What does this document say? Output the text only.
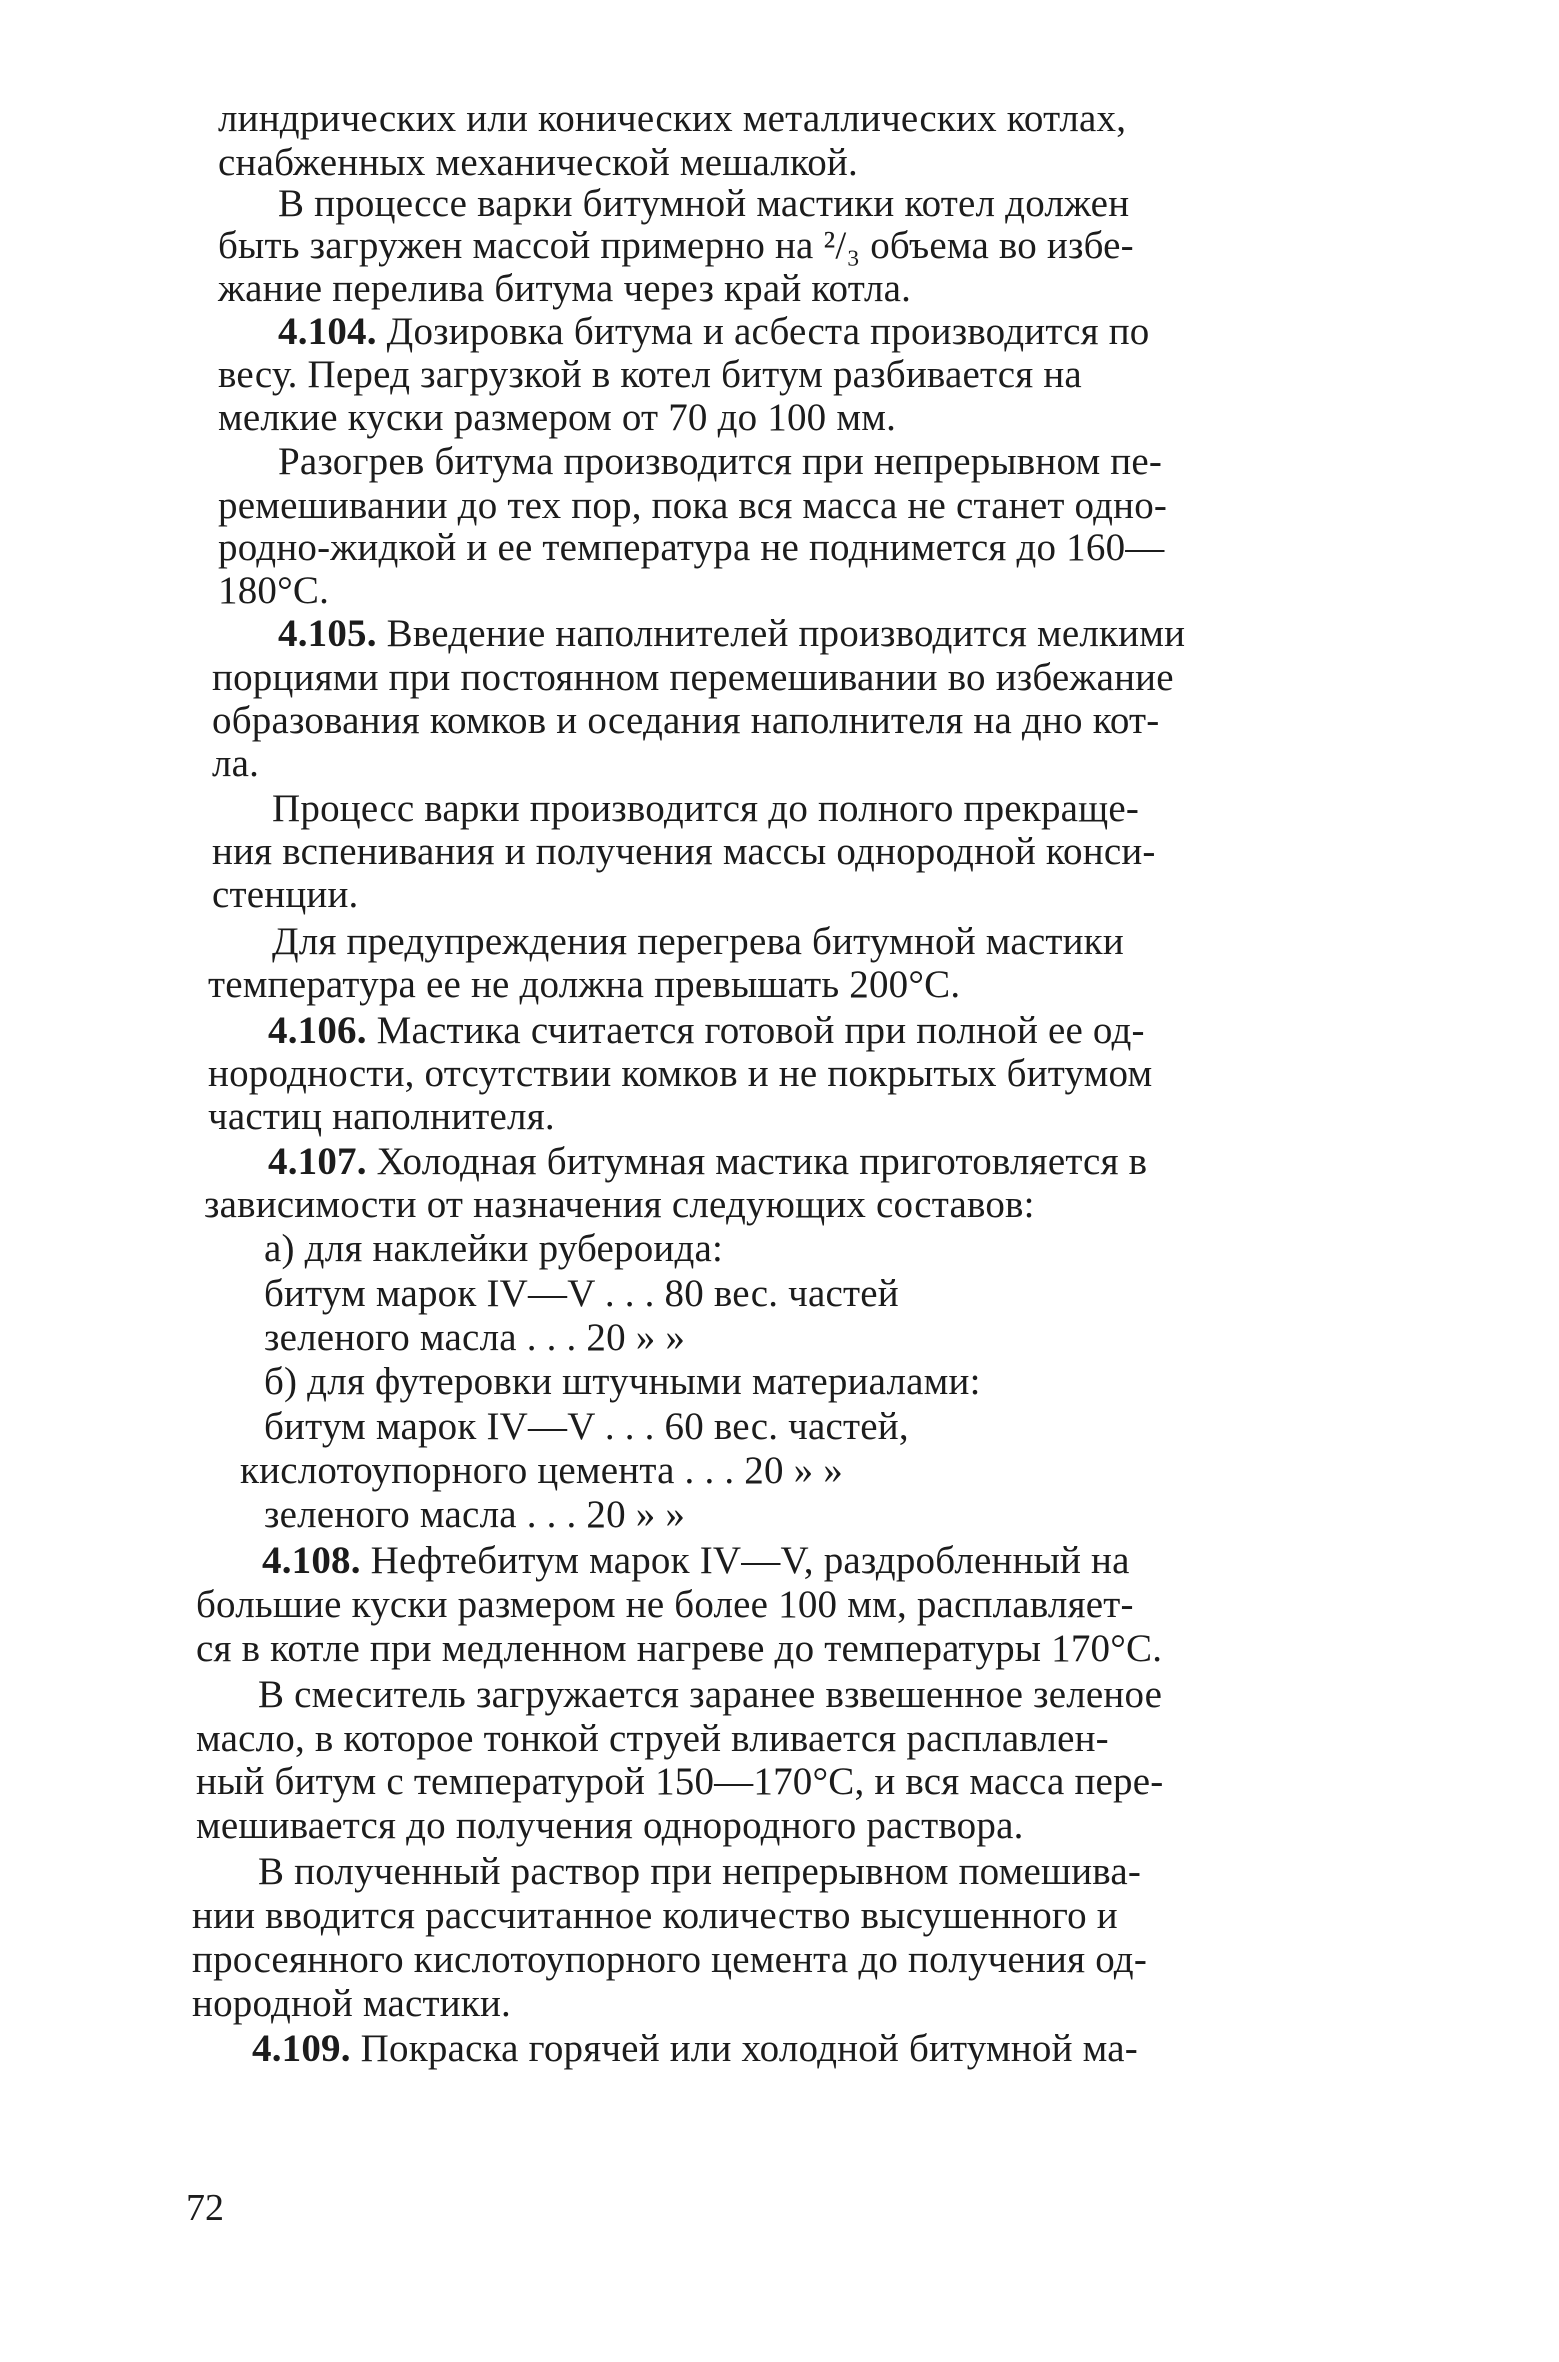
линдрических или конических металлических котлах,
снабженных механической мешалкой.
В процессе варки битумной мастики котел должен
быть загружен массой примерно на ²/₃ объема во избе-
жание перелива битума через край котла.
4.104. Дозировка битума и асбеста производится по
весу. Перед загрузкой в котел битум разбивается на
мелкие куски размером от 70 до 100 мм.
Разогрев битума производится при непрерывном пе-
ремешивании до тех пор, пока вся масса не станет одно-
родно-жидкой и ее температура не поднимется до 160—
180°С.
4.105. Введение наполнителей производится мелкими
порциями при постоянном перемешивании во избежание
образования комков и оседания наполнителя на дно кот-
ла.
Процесс варки производится до полного прекраще-
ния вспенивания и получения массы однородной конси-
стенции.
Для предупреждения перегрева битумной мастики
температура ее не должна превышать 200°С.
4.106. Мастика считается готовой при полной ее од-
нородности, отсутствии комков и не покрытых битумом
частиц наполнителя.
4.107. Холодная битумная мастика приготовляется в
зависимости от назначения следующих составов:
а) для наклейки рубероида:
битум марок IV—V . . . 80 вес. частей
зеленого масла . . . 20 » »
б) для футеровки штучными материалами:
битум марок IV—V . . . 60 вес. частей,
кислотоупорного цемента . . . 20 » »
зеленого масла . . . 20 » »
4.108. Нефтебитум марок IV—V, раздробленный на
большие куски размером не более 100 мм, расплавляет-
ся в котле при медленном нагреве до температуры 170°С.
В смеситель загружается заранее взвешенное зеленое
масло, в которое тонкой струей вливается расплавлен-
ный битум с температурой 150—170°С, и вся масса пере-
мешивается до получения однородного раствора.
В полученный раствор при непрерывном помешива-
нии вводится рассчитанное количество высушенного и
просеянного кислотоупорного цемента до получения од-
нородной мастики.
4.109. Покраска горячей или холодной битумной ма-
72
